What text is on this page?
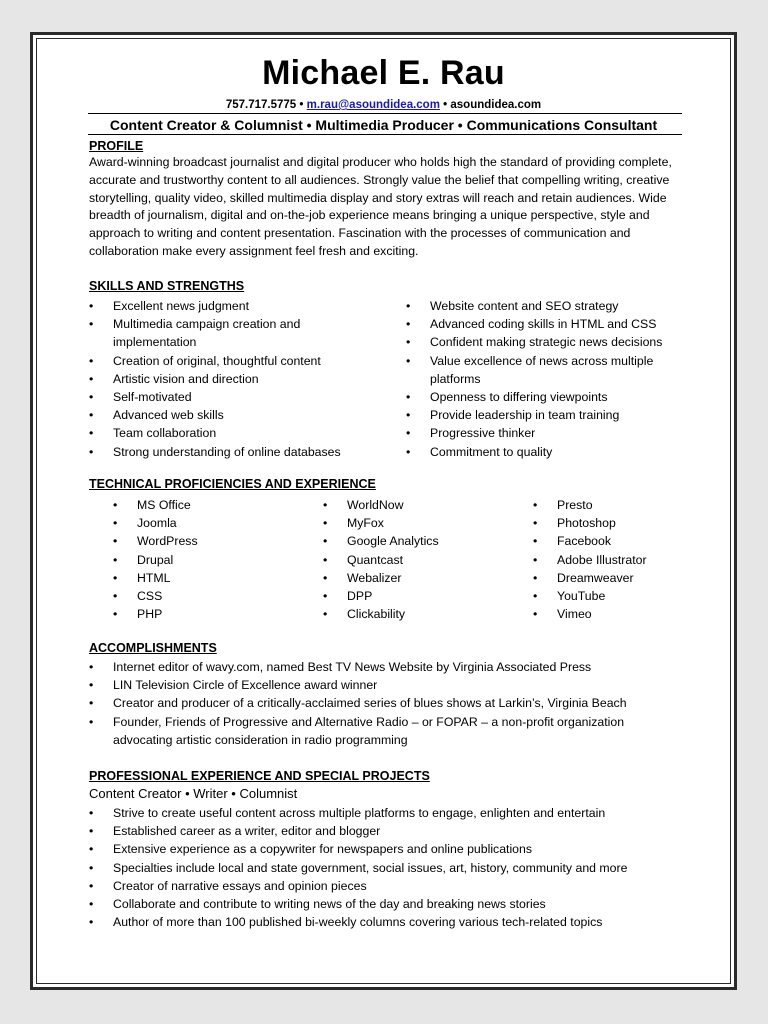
Michael E. Rau
757.717.5775 • m.rau@asoundidea.com • asoundidea.com
Content Creator & Columnist • Multimedia Producer • Communications Consultant
PROFILE
Award-winning broadcast journalist and digital producer who holds high the standard of providing complete, accurate and trustworthy content to all audiences. Strongly value the belief that compelling writing, creative storytelling, quality video, skilled multimedia display and story extras will reach and retain audiences. Wide breadth of journalism, digital and on-the-job experience means bringing a unique perspective, style and approach to writing and content presentation. Fascination with the processes of communication and collaboration make every assignment feel fresh and exciting.
SKILLS AND STRENGTHS
• Excellent news judgment
• Multimedia campaign creation and implementation
• Creation of original, thoughtful content
• Artistic vision and direction
• Self-motivated
• Advanced web skills
• Team collaboration
• Strong understanding of online databases
• Website content and SEO strategy
• Advanced coding skills in HTML and CSS
• Confident making strategic news decisions
• Value excellence of news across multiple platforms
• Openness to differing viewpoints
• Provide leadership in team training
• Progressive thinker
• Commitment to quality
TECHNICAL PROFICIENCIES AND EXPERIENCE
• MS Office
• Joomla
• WordPress
• Drupal
• HTML
• CSS
• PHP
• WorldNow
• MyFox
• Google Analytics
• Quantcast
• Webalizer
• DPP
• Clickability
• Presto
• Photoshop
• Facebook
• Adobe Illustrator
• Dreamweaver
• YouTube
• Vimeo
ACCOMPLISHMENTS
• Internet editor of wavy.com, named Best TV News Website by Virginia Associated Press
• LIN Television Circle of Excellence award winner
• Creator and producer of a critically-acclaimed series of blues shows at Larkin’s, Virginia Beach
• Founder, Friends of Progressive and Alternative Radio – or FOPAR – a non-profit organization advocating artistic consideration in radio programming
PROFESSIONAL EXPERIENCE AND SPECIAL PROJECTS
Content Creator • Writer • Columnist
• Strive to create useful content across multiple platforms to engage, enlighten and entertain
• Established career as a writer, editor and blogger
• Extensive experience as a copywriter for newspapers and online publications
• Specialties include local and state government, social issues, art, history, community and more
• Creator of narrative essays and opinion pieces
• Collaborate and contribute to writing news of the day and breaking news stories
• Author of more than 100 published bi-weekly columns covering various tech-related topics
